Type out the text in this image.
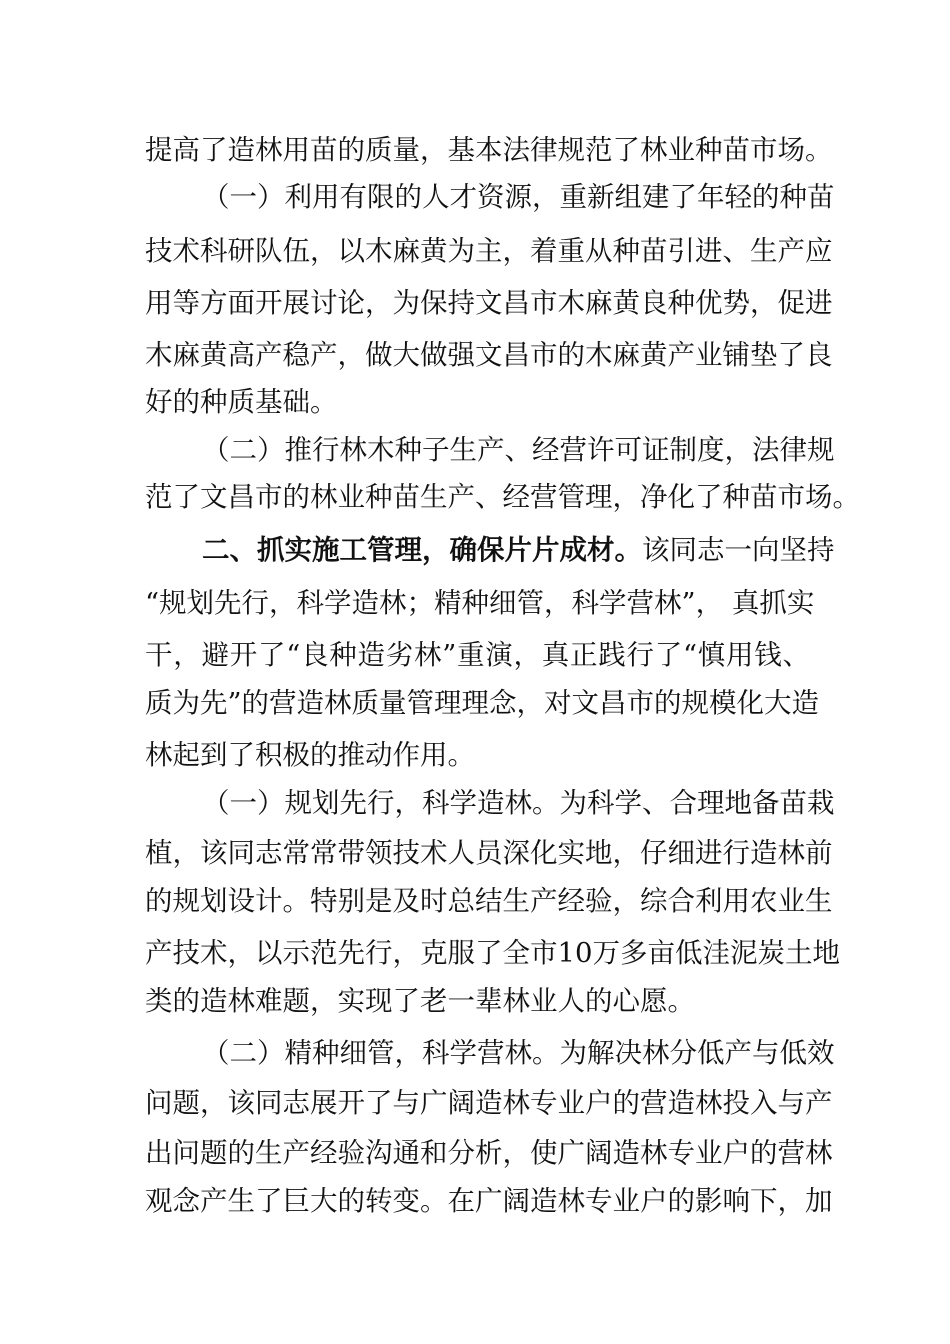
提高了造林用苗的质量，基本法律规范了林业种苗市场。
（一）利用有限的人才资源，重新组建了年轻的种苗
技术科研队伍，以木麻黄为主，着重从种苗引进、生产应
用等方面开展讨论，为保持文昌市木麻黄良种优势，促进
木麻黄高产稳产，做大做强文昌市的木麻黄产业铺垫了良
好的种质基础。
（二）推行林木种子生产、经营许可证制度，法律规
范了文昌市的林业种苗生产、经营管理，净化了种苗市场。
二、抓实施工管理，确保片片成材。该同志一向坚持
“规划先行，科学造林；精种细管，科学营林”， 真抓实
干，避开了“良种造劣林”重演，真正践行了“慎用钱、
质为先”的营造林质量管理理念，对文昌市的规模化大造
林起到了积极的推动作用。
（一）规划先行，科学造林。为科学、合理地备苗栽
植，该同志常常带领技术人员深化实地，仔细进行造林前
的规划设计。特别是及时总结生产经验，综合利用农业生
产技术，以示范先行，克服了全市10万多亩低洼泥炭土地
类的造林难题，实现了老一辈林业人的心愿。
（二）精种细管，科学营林。为解决林分低产与低效
问题，该同志展开了与广阔造林专业户的营造林投入与产
出问题的生产经验沟通和分析，使广阔造林专业户的营林
观念产生了巨大的转变。在广阔造林专业户的影响下，加
